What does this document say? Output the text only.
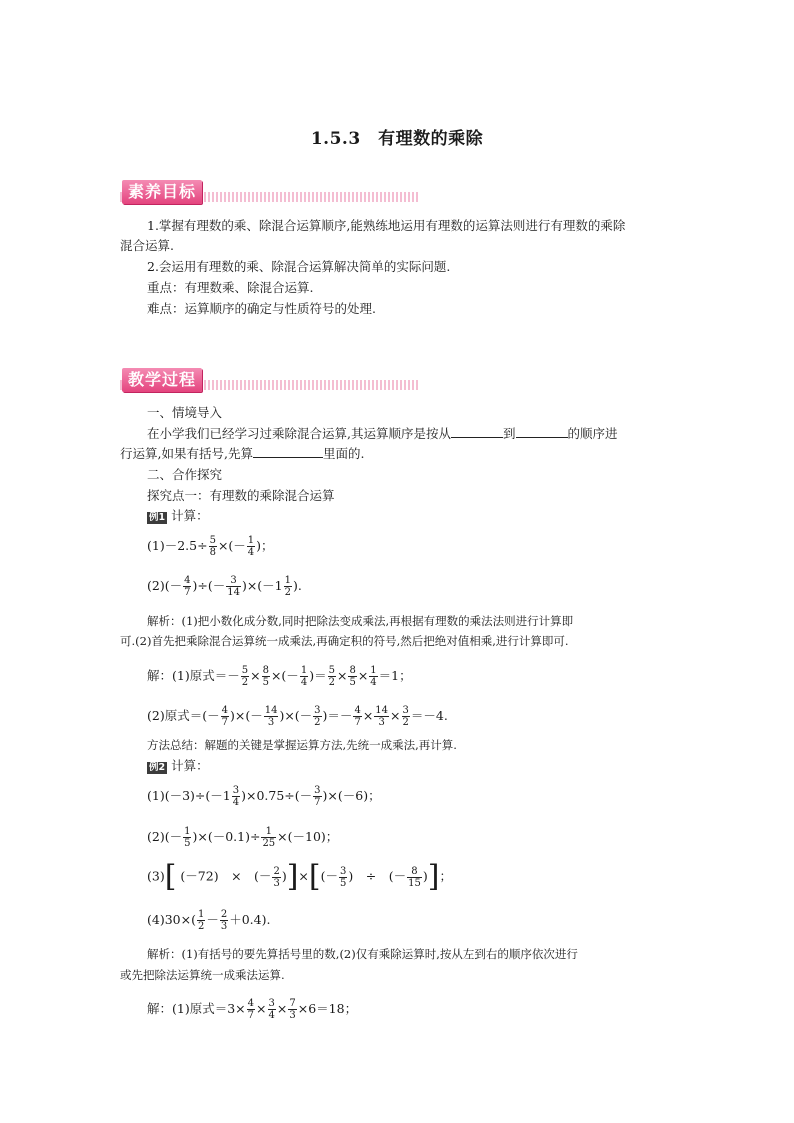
1.5.3　有理数的乘除
素养目标
1.掌握有理数的乘、除混合运算顺序,能熟练地运用有理数的运算法则进行有理数的乘除
混合运算.
2.会运用有理数的乘、除混合运算解决简单的实际问题.
重点：有理数乘、除混合运算.
难点：运算顺序的确定与性质符号的处理.
教学过程
一、情境导入
在小学我们已经学习过乘除混合运算,其运算顺序是按从	到	的顺序进
行运算,如果有括号,先算	里面的.
二、合作探究
探究点一：有理数的乘除混合运算
例1 计算：
$(1)-2.5\div \frac{5}{8}$ ×(－ $\frac{1}{4}$ )；
$(2)(- \frac{4}{7}$ )÷(－ $\frac{3}{14} )\times(-1 \frac{1}{2}$ ).
解析：(1)把小数化成分数,同时把除法变成乘法,再根据有理数的乘法法则进行计算即
可.(2)首先把乘除混合运算统一成乘法,再确定积的符号,然后把绝对值相乘,进行计算即可.
解：(1)原式＝－ $\frac{5}{2} \times \frac{8}{5}$ ×(－ $\frac{1}{4}$ )＝ $\frac{5}{2} \times \frac{8}{5} \times \frac{1}{4} =1$；
(2)原式＝(－ $\frac{4}{7}$ )×(－ $\frac{14}{3}$ )×(－ $\frac{3}{2}$ )＝－ $\frac{4}{7} \times \frac{14}{3} \times \frac{3}{2} =-4$.
方法总结：解题的关键是掌握运算方法,先统一成乘法,再计算.
例2 计算：
$(1)(-3)\div(-1 \frac{3}{4} )\times 0.75\div(- \frac{3}{7} )\times(-6)$；
$(2)(- \frac{1}{5} )\times(-0.1)\div \frac{1}{25} \times(-10)$；
(3)[ (－72)　×　(－ $\frac{2}{3}$ )]×[(－ $\frac{3}{5}$ )　÷　(－ $\frac{8}{15}$ )]；
$(4)30\times( \frac{1}{2} - \frac{2}{3} +0.4)$.
解析：(1)有括号的要先算括号里的数,(2)仅有乘除运算时,按从左到右的顺序依次进行
或先把除法运算统一成乘法运算.
解：(1)原式$=3\times \frac{4}{7} \times \frac{3}{4} \times \frac{7}{3} \times 6=18$；
